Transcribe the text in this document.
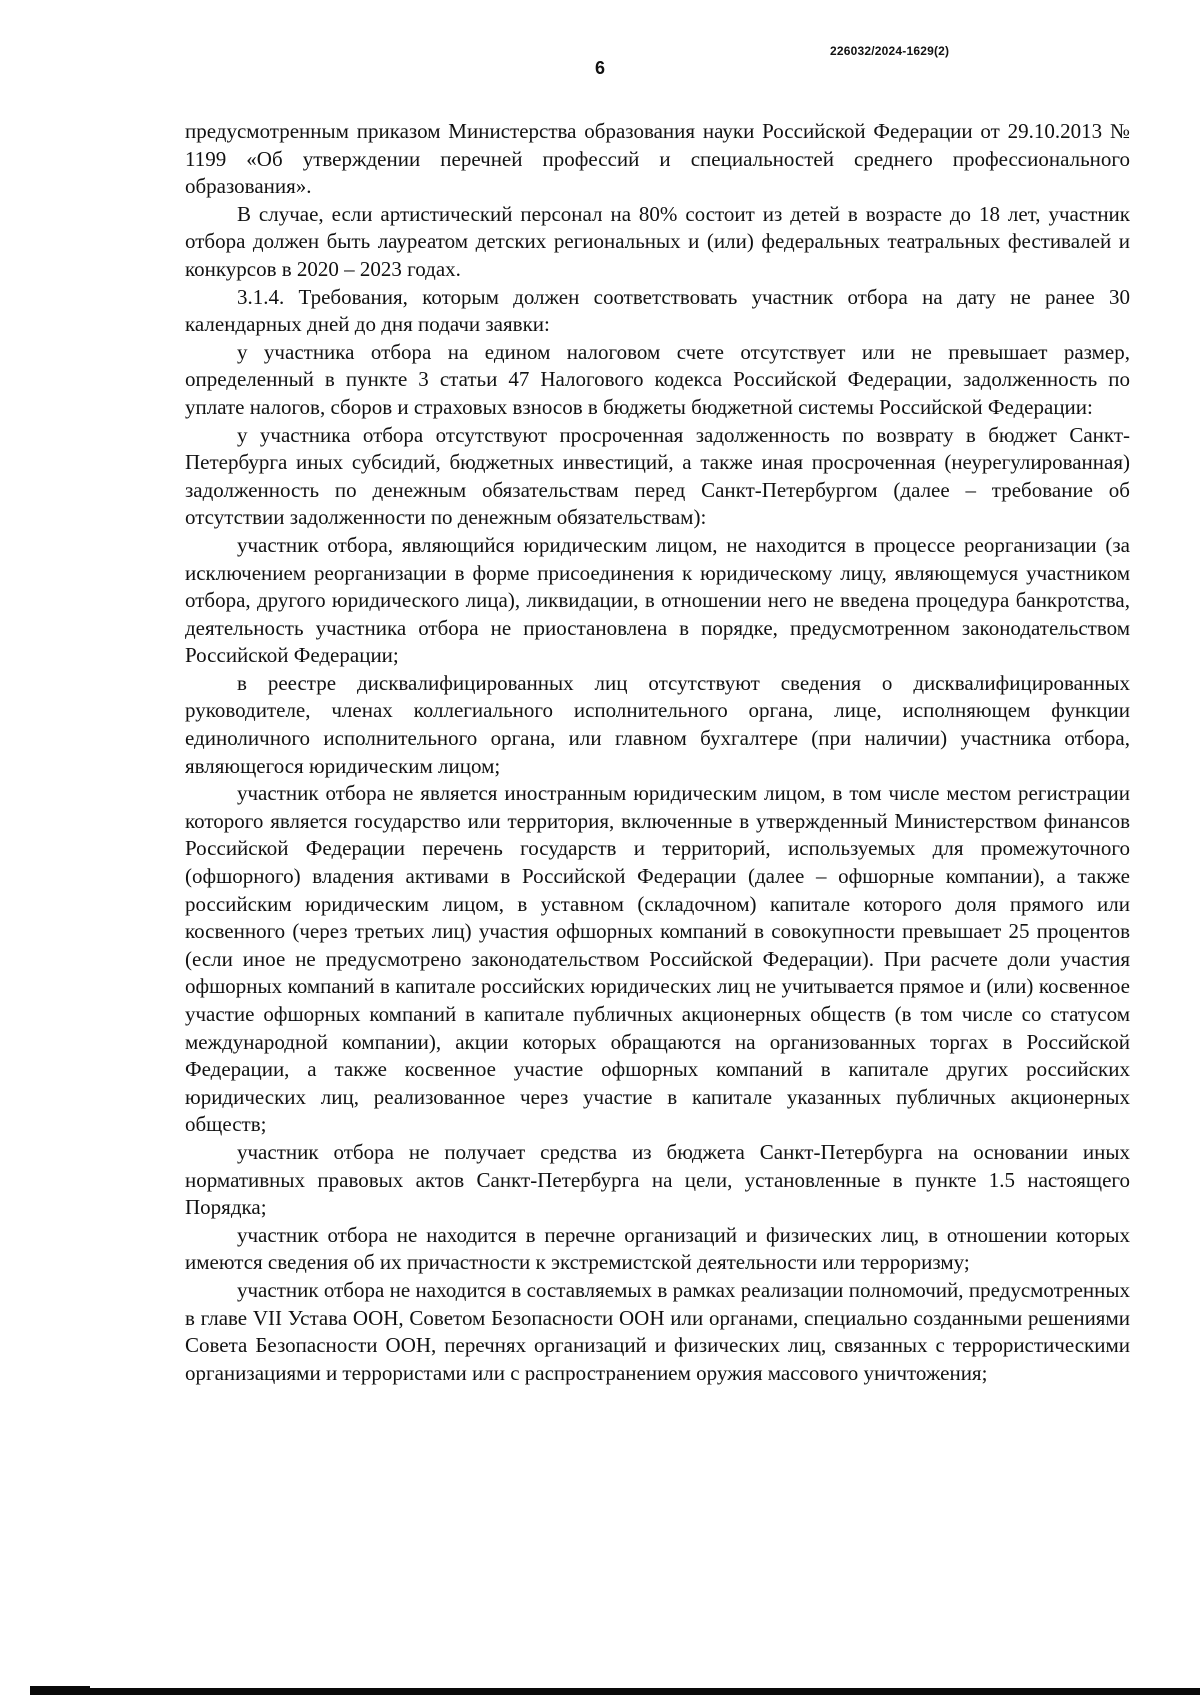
226032/2024-1629(2)
6

предусмотренным приказом Министерства образования науки Российской Федерации от 29.10.2013 № 1199 «Об утверждении перечней профессий и специальностей среднего профессионального образования».

В случае, если артистический персонал на 80% состоит из детей в возрасте до 18 лет, участник отбора должен быть лауреатом детских региональных и (или) федеральных театральных фестивалей и конкурсов в 2020 – 2023 годах.

3.1.4. Требования, которым должен соответствовать участник отбора на дату не ранее 30 календарных дней до дня подачи заявки:

у участника отбора на едином налоговом счете отсутствует или не превышает размер, определенный в пункте 3 статьи 47 Налогового кодекса Российской Федерации, задолженность по уплате налогов, сборов и страховых взносов в бюджеты бюджетной системы Российской Федерации:

у участника отбора отсутствуют просроченная задолженность по возврату в бюджет Санкт-Петербурга иных субсидий, бюджетных инвестиций, а также иная просроченная (неурегулированная) задолженность по денежным обязательствам перед Санкт-Петербургом (далее – требование об отсутствии задолженности по денежным обязательствам):

участник отбора, являющийся юридическим лицом, не находится в процессе реорганизации (за исключением реорганизации в форме присоединения к юридическому лицу, являющемуся участником отбора, другого юридического лица), ликвидации, в отношении него не введена процедура банкротства, деятельность участника отбора не приостановлена в порядке, предусмотренном законодательством Российской Федерации;

в реестре дисквалифицированных лиц отсутствуют сведения о дисквалифицированных руководителе, членах коллегиального исполнительного органа, лице, исполняющем функции единоличного исполнительного органа, или главном бухгалтере (при наличии) участника отбора, являющегося юридическим лицом;

участник отбора не является иностранным юридическим лицом, в том числе местом регистрации которого является государство или территория, включенные в утвержденный Министерством финансов Российской Федерации перечень государств и территорий, используемых для промежуточного (офшорного) владения активами в Российской Федерации (далее – офшорные компании), а также российским юридическим лицом, в уставном (складочном) капитале которого доля прямого или косвенного (через третьих лиц) участия офшорных компаний в совокупности превышает 25 процентов (если иное не предусмотрено законодательством Российской Федерации). При расчете доли участия офшорных компаний в капитале российских юридических лиц не учитывается прямое и (или) косвенное участие офшорных компаний в капитале публичных акционерных обществ (в том числе со статусом международной компании), акции которых обращаются на организованных торгах в Российской Федерации, а также косвенное участие офшорных компаний в капитале других российских юридических лиц, реализованное через участие в капитале указанных публичных акционерных обществ;

участник отбора не получает средства из бюджета Санкт-Петербурга на основании иных нормативных правовых актов Санкт-Петербурга на цели, установленные в пункте 1.5 настоящего Порядка;

участник отбора не находится в перечне организаций и физических лиц, в отношении которых имеются сведения об их причастности к экстремистской деятельности или терроризму;

участник отбора не находится в составляемых в рамках реализации полномочий, предусмотренных в главе VII Устава ООН, Советом Безопасности ООН или органами, специально созданными решениями Совета Безопасности ООН, перечнях организаций и физических лиц, связанных с террористическими организациями и террористами или с распространением оружия массового уничтожения;
